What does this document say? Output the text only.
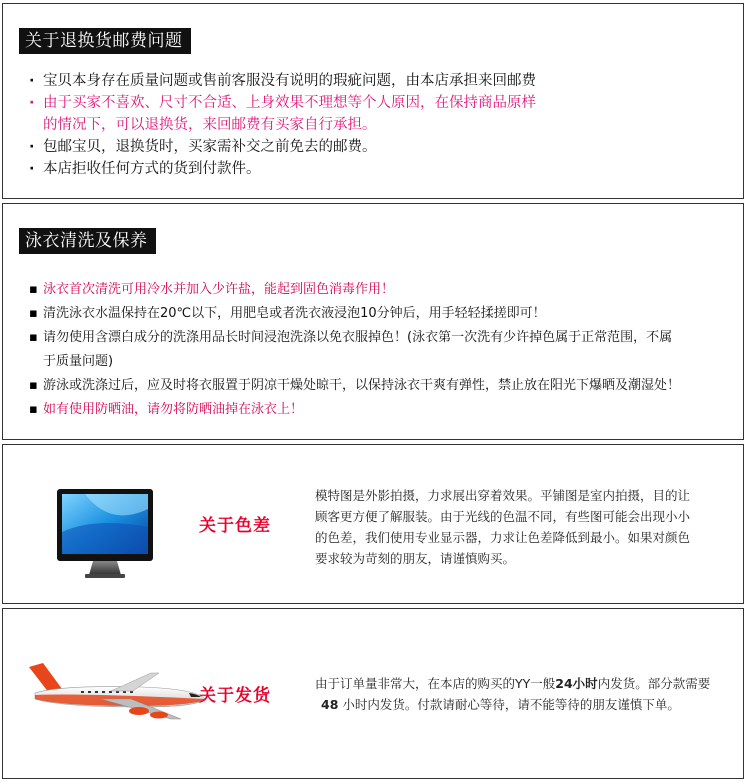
关于退换货邮费问题
· 宝贝本身存在质量问题或售前客服没有说明的瑕疵问题，由本店承担来回邮费
· 由于买家不喜欢、尺寸不合适、上身效果不理想等个人原因，在保持商品原样
的情况下，可以退换货，来回邮费有买家自行承担。
· 包邮宝贝，退换货时，买家需补交之前免去的邮费。
· 本店拒收任何方式的货到付款件。
泳衣清洗及保养
▪ 泳衣首次清洗可用冷水并加入少许盐，能起到固色消毒作用！
▪ 清洗泳衣水温保持在20℃以下，用肥皂或者洗衣液浸泡10分钟后，用手轻轻揉搓即可！
▪ 请勿使用含漂白成分的洗涤用品长时间浸泡洗涤以免衣服掉色！(泳衣第一次洗有少许掉色属于正常范围，不属
于质量问题)
▪ 游泳或洗涤过后，应及时将衣服置于阴凉干燥处晾干，以保持泳衣干爽有弹性，禁止放在阳光下爆晒及潮湿处！
▪ 如有使用防晒油，请勿将防晒油掉在泳衣上！
关于色差
模特图是外影拍摄，力求展出穿着效果。平铺图是室内拍摄，目的让
顾客更方便了解服装。由于光线的色温不同，有些图可能会出现小小
的色差，我们使用专业显示器，力求让色差降低到最小。如果对颜色
要求较为苛刻的朋友，请谨慎购买。
关于发货
由于订单量非常大，在本店的购买的YY一般24小时内发货。部分款需要
48 小时内发货。付款请耐心等待，请不能等待的朋友谨慎下单。
